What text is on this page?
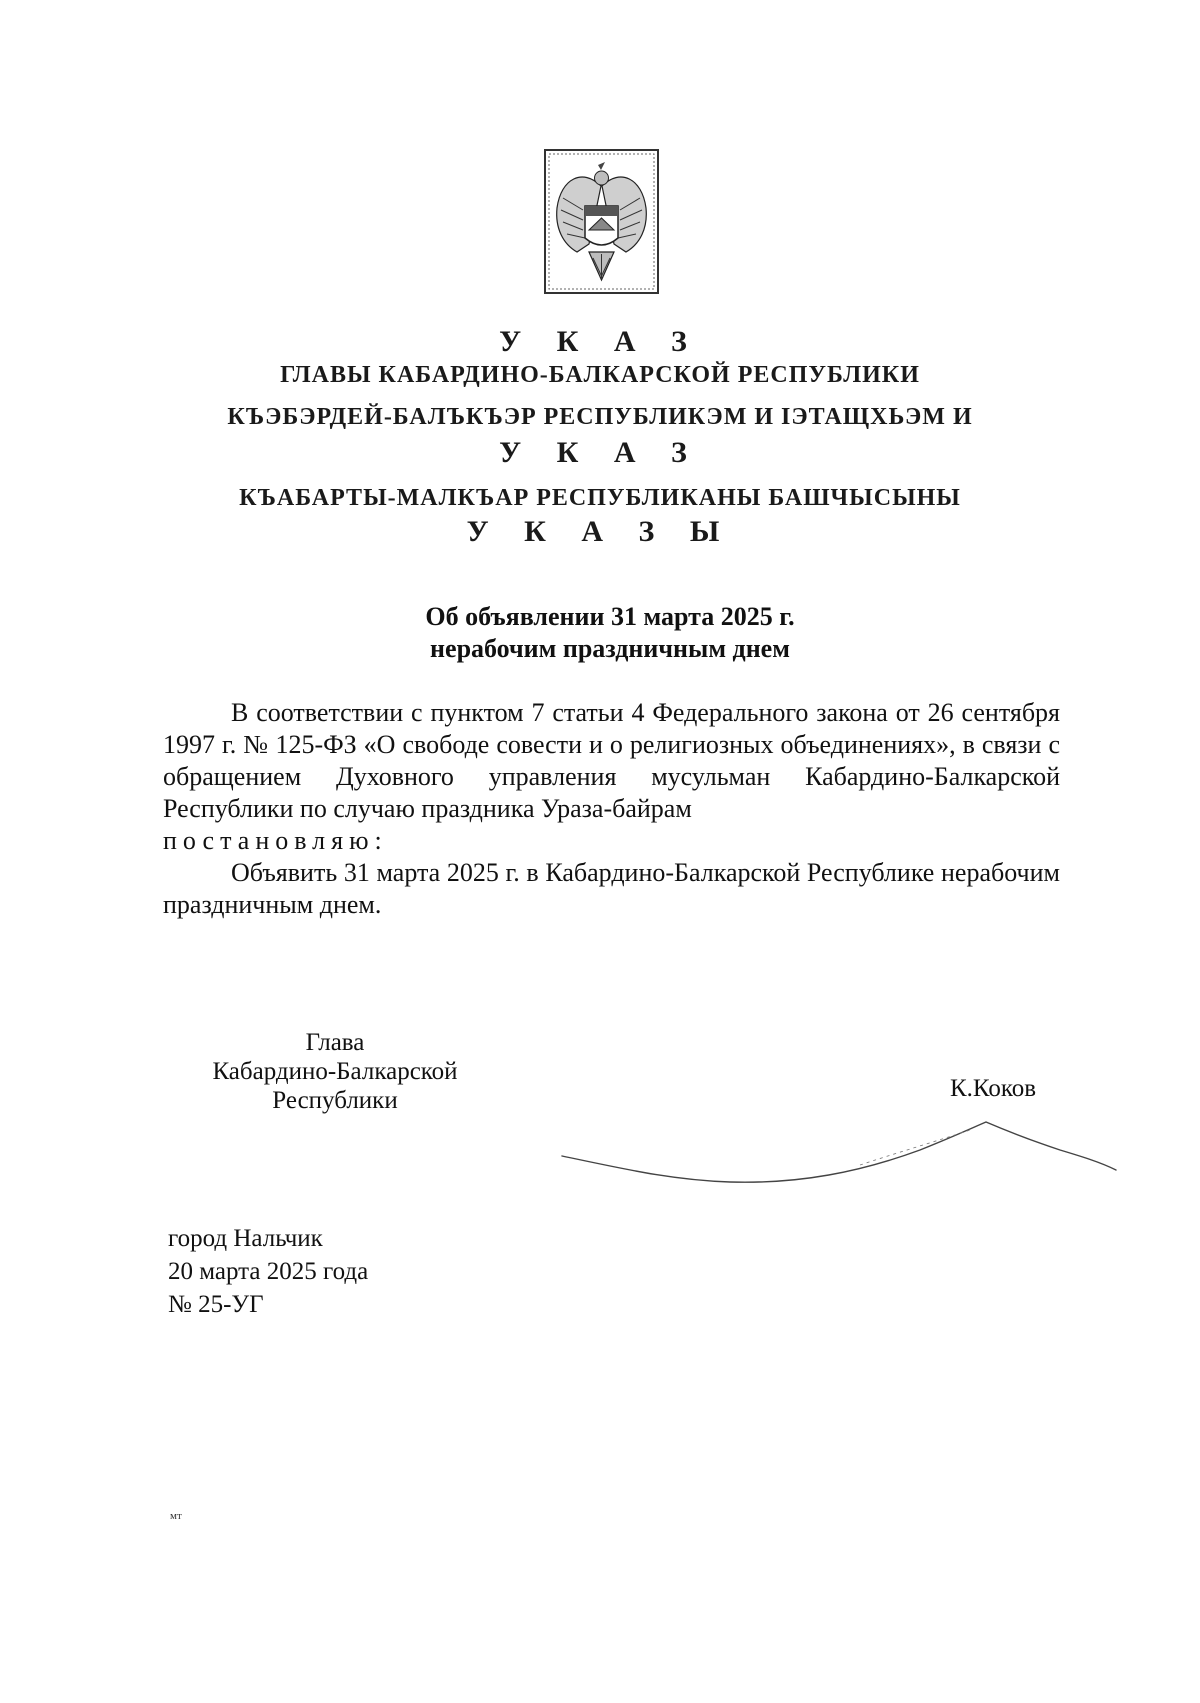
У К А З
ГЛАВЫ КАБАРДИНО-БАЛКАРСКОЙ РЕСПУБЛИКИ
КЪЭБЭРДЕЙ-БАЛЪКЪЭР РЕСПУБЛИКЭМ И IЭТАЩХЬЭМ И
У К А З
КЪАБАРТЫ-МАЛКЪАР РЕСПУБЛИКАНЫ БАШЧЫСЫНЫ
У К А З Ы
Об объявлении 31 марта 2025 г.
нерабочим праздничным днем

В соответствии с пунктом 7 статьи 4 Федерального закона от 26 сентября 1997 г. № 125-ФЗ «О свободе совести и о религиозных объединениях», в связи с обращением Духовного управления мусульман Кабардино-Балкарской Республики по случаю праздника Ураза-байрам

постановляю:

Объявить 31 марта 2025 г. в Кабардино-Балкарской Республике нерабочим праздничным днем.

Глава
Кабардино-Балкарской
Республики	К.Коков
город Нальчик
20 марта 2025 года
№ 25-УГ
мт
